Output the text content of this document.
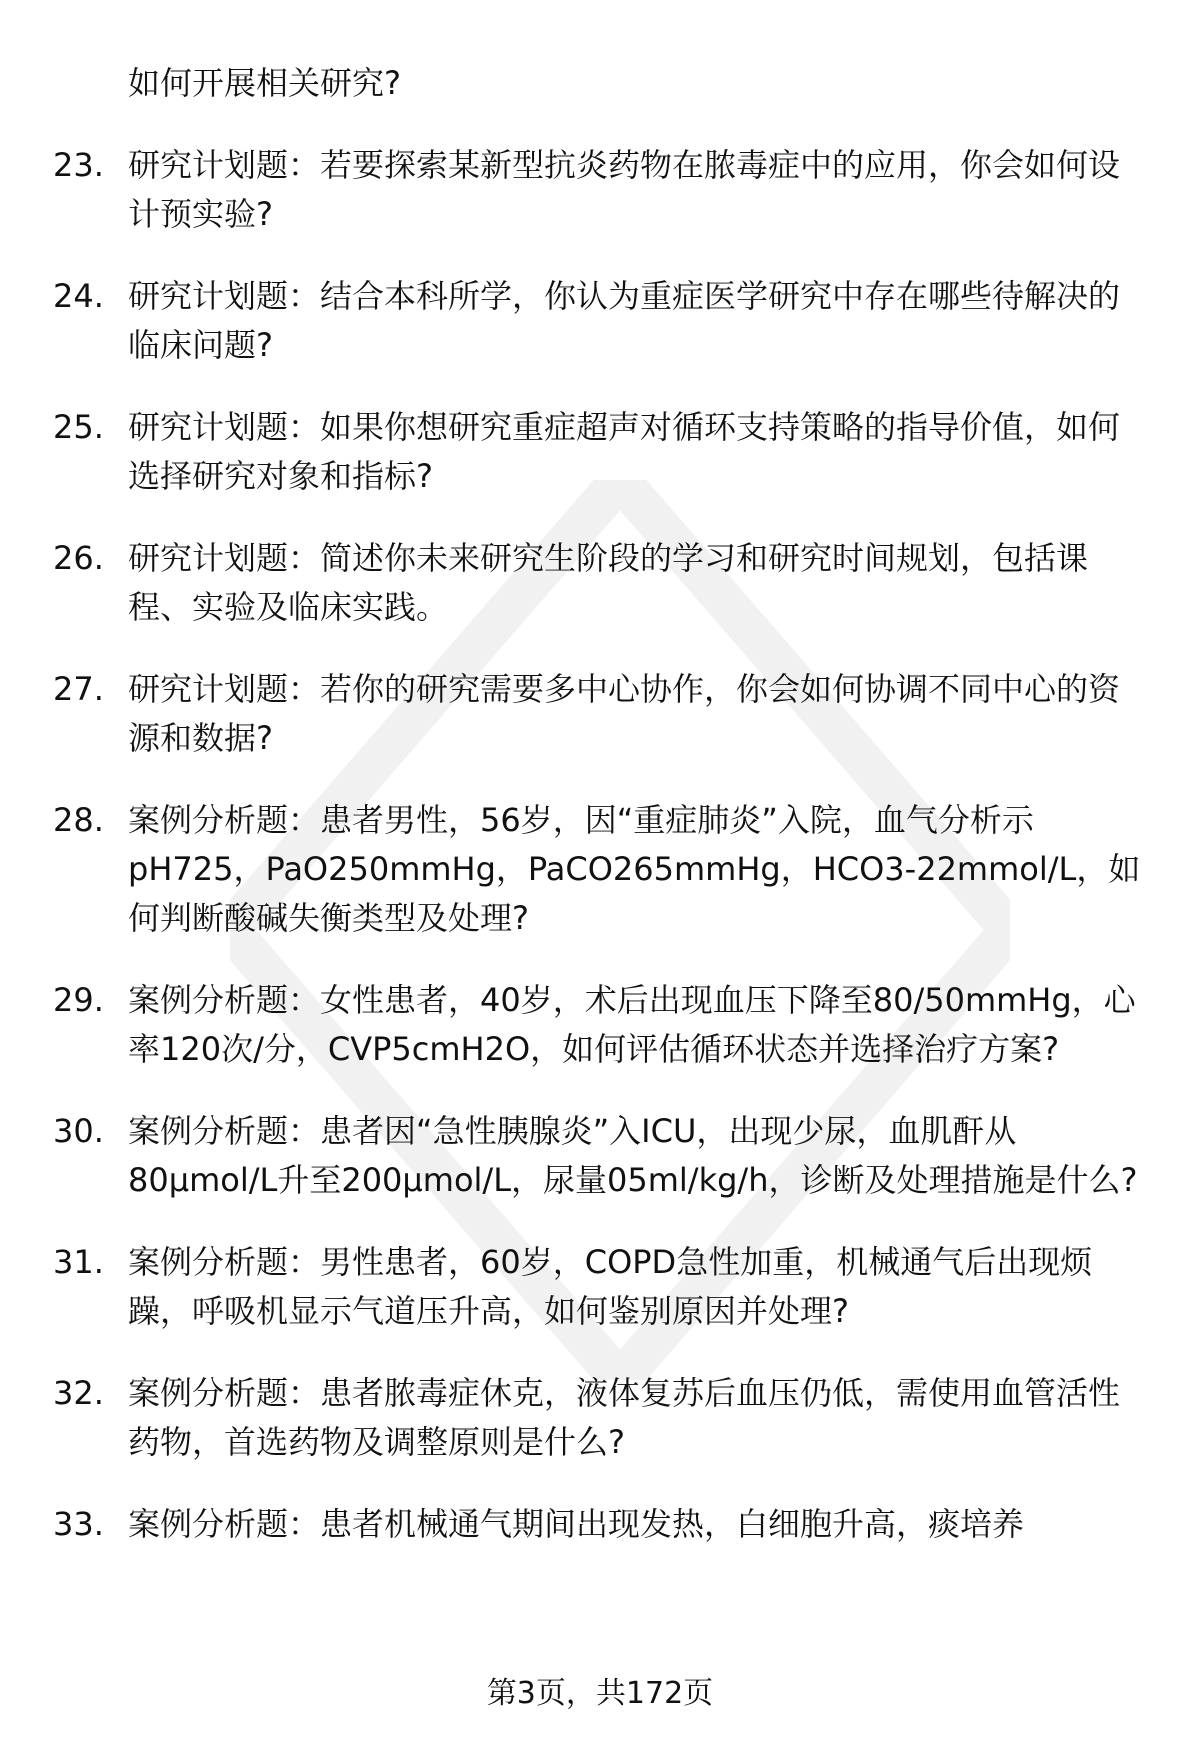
如何开展相关研究?
23. 研究计划题：若要探索某新型抗炎药物在脓毒症中的应用，你会如何设计预实验?
24. 研究计划题：结合本科所学，你认为重症医学研究中存在哪些待解决的临床问题?
25. 研究计划题：如果你想研究重症超声对循环支持策略的指导价值，如何选择研究对象和指标?
26. 研究计划题：简述你未来研究生阶段的学习和研究时间规划，包括课程、实验及临床实践。
27. 研究计划题：若你的研究需要多中心协作，你会如何协调不同中心的资源和数据?
28. 案例分析题：患者男性，56岁，因“重症肺炎”入院，血气分析示pH725，PaO250mmHg，PaCO265mmHg，HCO3-22mmol/L，如何判断酸碱失衡类型及处理?
29. 案例分析题：女性患者，40岁，术后出现血压下降至80/50mmHg，心率120次/分，CVP5cmH2O，如何评估循环状态并选择治疗方案?
30. 案例分析题：患者因“急性胰腺炎”入ICU，出现少尿，血肌酐从80μmol/L升至200μmol/L，尿量05ml/kg/h，诊断及处理措施是什么?
31. 案例分析题：男性患者，60岁，COPD急性加重，机械通气后出现烦躁，呼吸机显示气道压升高，如何鉴别原因并处理?
32. 案例分析题：患者脓毒症休克，液体复苏后血压仍低，需使用血管活性药物，首选药物及调整原则是什么?
33. 案例分析题：患者机械通气期间出现发热，白细胞升高，痰培养
第3页，共172页
